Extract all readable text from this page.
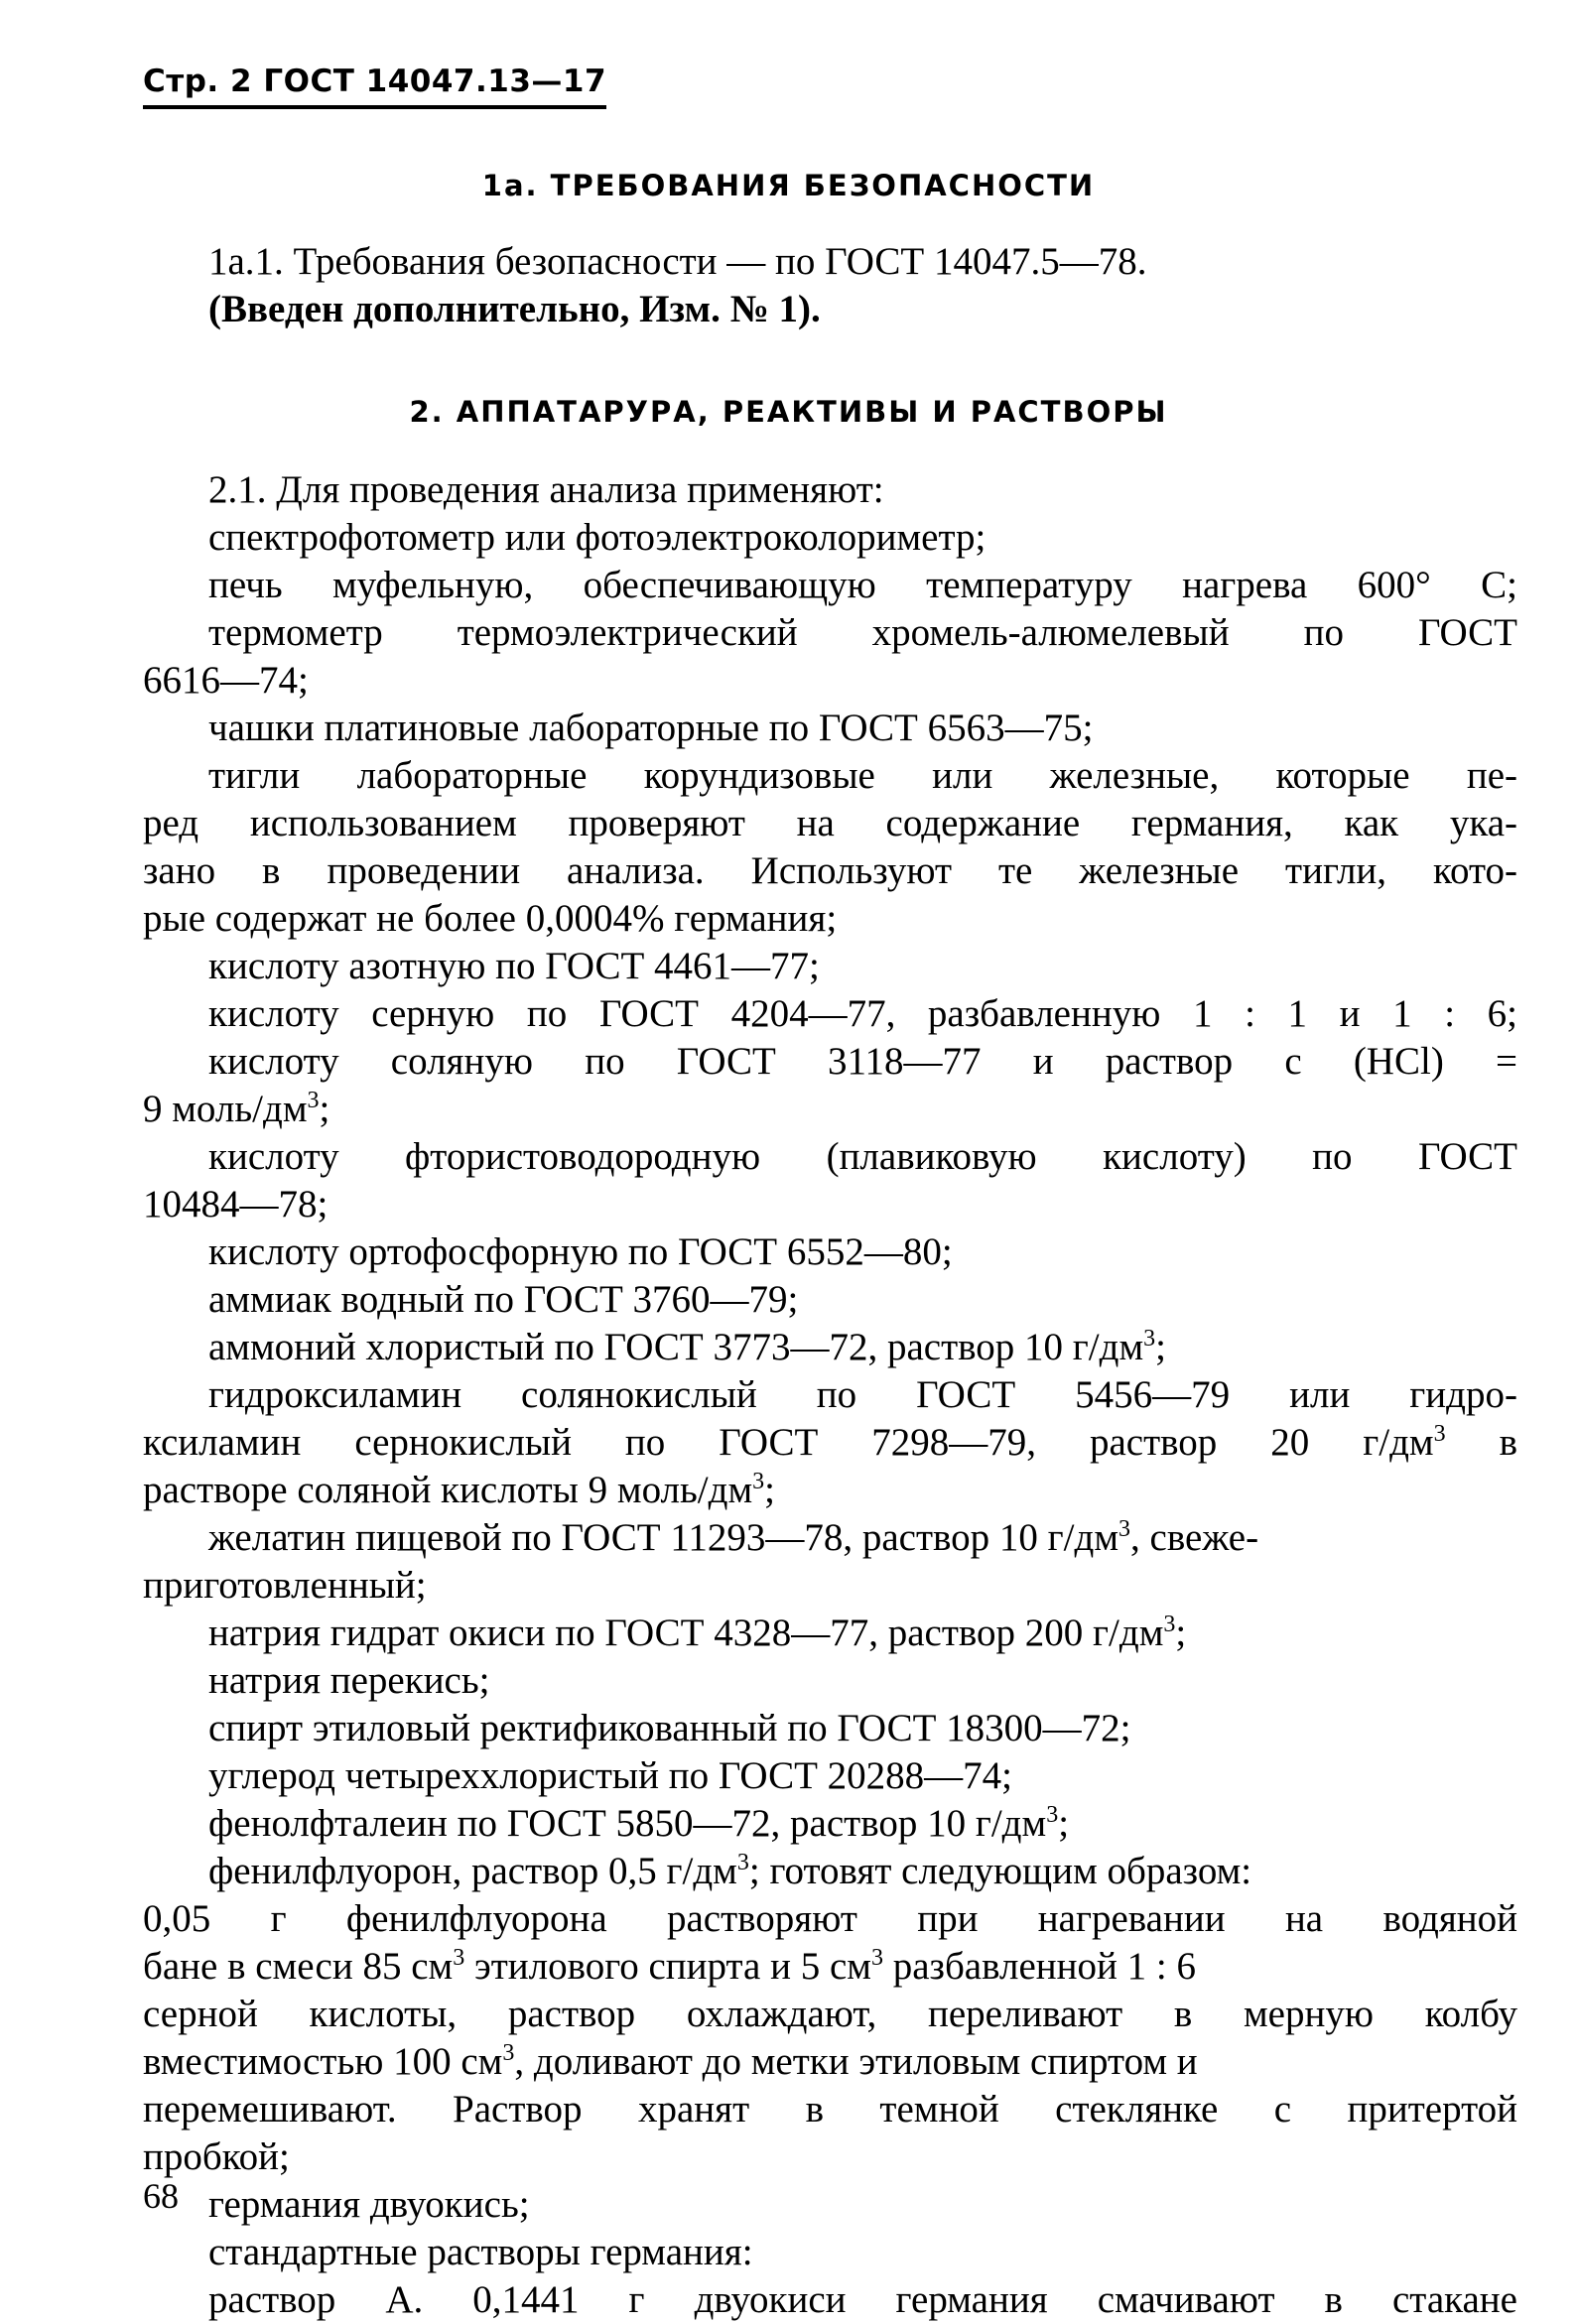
Стр. 2 ГОСТ 14047.13—17
1а. ТРЕБОВАНИЯ БЕЗОПАСНОСТИ
1а.1. Требования безопасности — по ГОСТ 14047.5—78.
(Введен дополнительно, Изм. № 1).
2. АППАТАРУРА, РЕАКТИВЫ И РАСТВОРЫ
2.1. Для проведения анализа применяют:
спектрофотометр или фотоэлектроколориметр;
печь муфельную, обеспечивающую температуру нагрева 600° С;
термометр термоэлектрический хромель-алюмелевый по ГОСТ
6616—74;
чашки платиновые лабораторные по ГОСТ 6563—75;
тигли лабораторные корундизовые или железные, которые пе-
ред использованием проверяют на содержание германия, как ука-
зано в проведении анализа. Используют те железные тигли, кото-
рые содержат не более 0,0004% германия;
кислоту азотную по ГОСТ 4461—77;
кислоту серную по ГОСТ 4204—77, разбавленную 1 : 1 и 1 : 6;
кислоту соляную по ГОСТ 3118—77 и раствор с (HCl) =
9 моль/$дм^3$;
кислоту фтористоводородную (плавиковую кислоту) по ГОСТ
10484—78;
кислоту ортофосфорную по ГОСТ 6552—80;
аммиак водный по ГОСТ 3760—79;
аммоний хлористый по ГОСТ 3773—72, раствор 10 $г/дм^3$;
гидроксиламин солянокислый по ГОСТ 5456—79 или гидро-
ксиламин сернокислый по ГОСТ 7298—79, раствор 20 $г/дм^3$ в
растворе соляной кислоты 9 моль/$дм^3$;
желатин пищевой по ГОСТ 11293—78, раствор 10 $г/дм^3$, свеже-
приготовленный;
натрия гидрат окиси по ГОСТ 4328—77, раствор 200 $г/дм^3$;
натрия перекись;
спирт этиловый ректификованный по ГОСТ 18300—72;
углерод четыреххлористый по ГОСТ 20288—74;
фенолфталеин по ГОСТ 5850—72, раствор 10 $г/дм^3$;
фенилфлуорон, раствор 0,5 $г/дм^3$; готовят следующим образом:
0,05 г фенилфлуорона растворяют при нагревании на водяной
бане в смеси 85 $см^3$ этилового спирта и 5 $см^3$ разбавленной 1 : 6
серной кислоты, раствор охлаждают, переливают в мерную колбу
вместимостью 100 $см^3$, доливают до метки этиловым спиртом и
перемешивают. Раствор хранят в темной стеклянке с притертой
пробкой;
германия двуокись;
стандартные растворы германия:
раствор А. 0,1441 г двуокиси германия смачивают в стакане
68
